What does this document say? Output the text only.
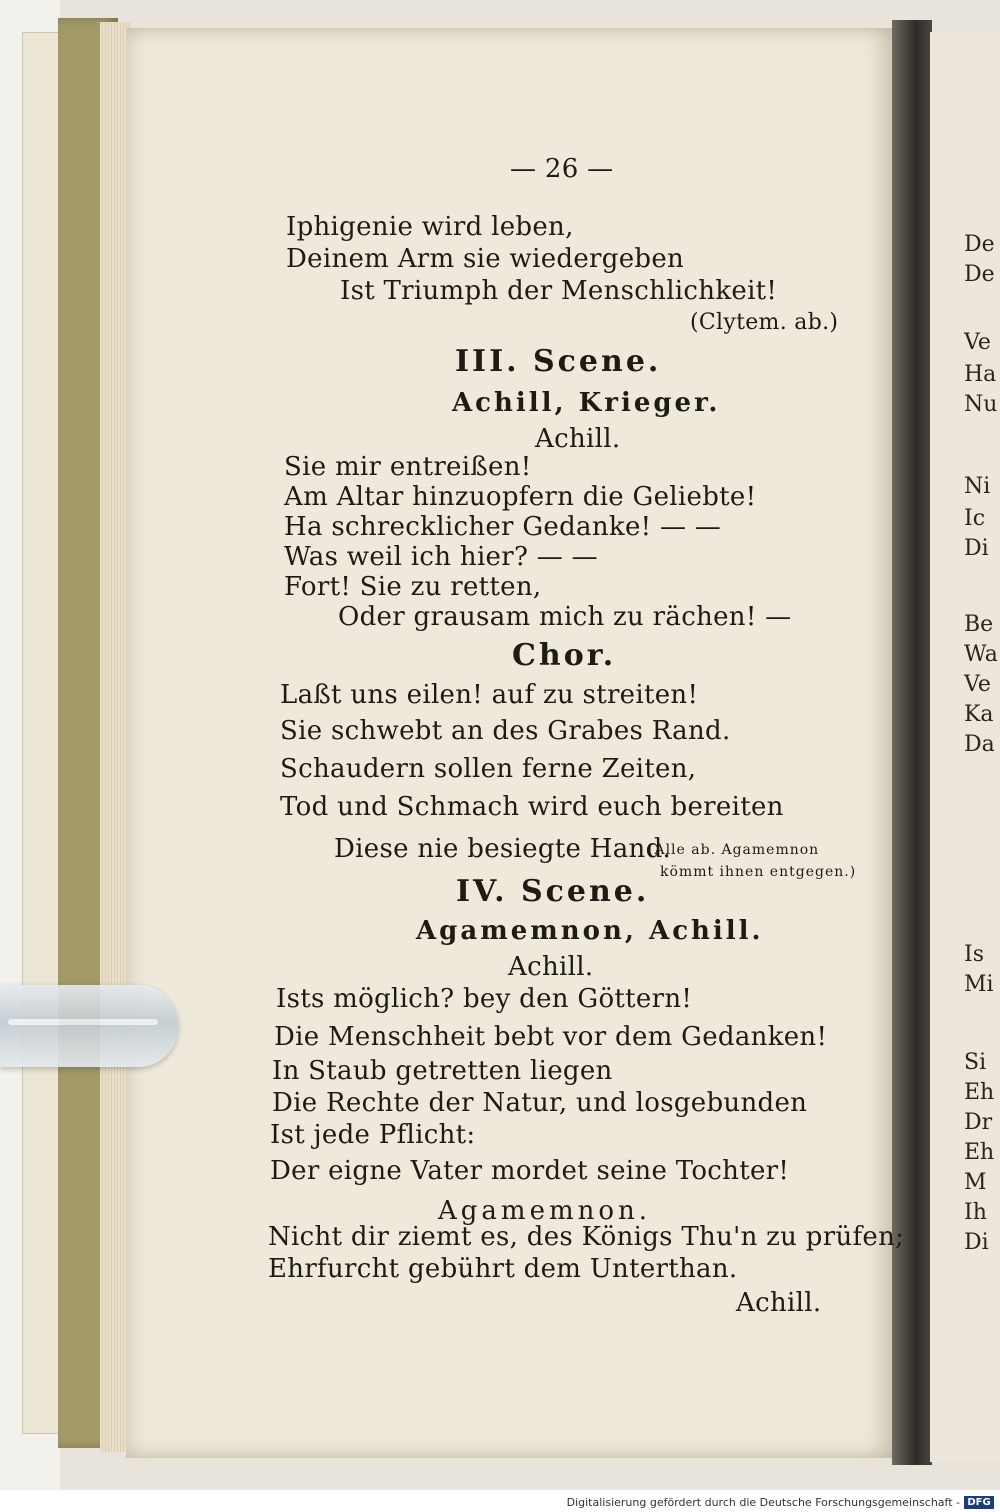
De
De
Ve
Ha
Nu
Ni
Ic
Di
Be
Wa
Ve
Ka
Da
Is
Mi
Si
Eh
Dr
Eh
M
Ih
Di
— 26 —
Iphigenie wird leben,
Deinem Arm sie wiedergeben
Ist Triumph der Menschlichkeit!
(Clytem. ab.)
III. Scene.
Achill, Krieger.
Achill.
Sie mir entreißen!
Am Altar hinzuopfern die Geliebte!
Ha schrecklicher Gedanke! — —
Was weil ich hier? — —
Fort! Sie zu retten,
Oder grausam mich zu rächen! —
Chor.
Laßt uns eilen! auf zu streiten!
Sie schwebt an des Grabes Rand.
Schaudern sollen ferne Zeiten,
Tod und Schmach wird euch bereiten
Diese nie besiegte Hand.
(Alle ab. Agamemnon
kömmt ihnen entgegen.)
IV. Scene.
Agamemnon, Achill.
Achill.
Ists möglich? bey den Göttern!
Die Menschheit bebt vor dem Gedanken!
In Staub getretten liegen
Die Rechte der Natur, und losgebunden
Ist jede Pflicht:
Der eigne Vater mordet seine Tochter!
Agamemnon.
Nicht dir ziemt es, des Königs Thu'n zu prüfen;
Ehrfurcht gebührt dem Unterthan.
Achill.
Digitalisierung gefördert durch die Deutsche Forschungsgemeinschaft - DFG
